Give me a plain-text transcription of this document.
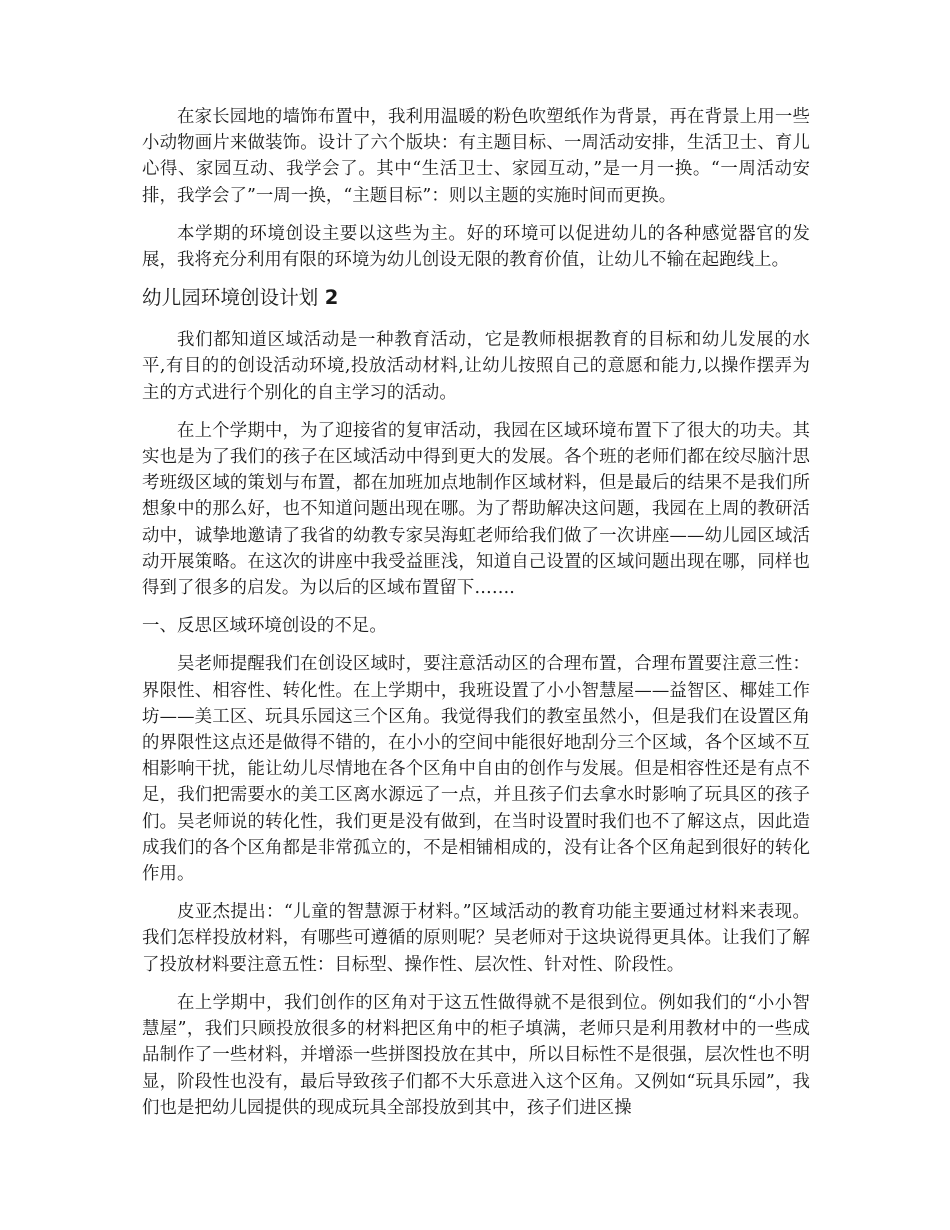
在家长园地的墙饰布置中，我利用温暖的粉色吹塑纸作为背景，再在背景上用一些小动物画片来做装饰。设计了六个版块：有主题目标、一周活动安排，生活卫士、育儿心得、家园互动、我学会了。其中“生活卫士、家园互动，”是一月一换。“一周活动安排，我学会了”一周一换，“主题目标”：则以主题的实施时间而更换。

本学期的环境创设主要以这些为主。好的环境可以促进幼儿的各种感觉器官的发展，我将充分利用有限的环境为幼儿创设无限的教育价值，让幼儿不输在起跑线上。

幼儿园环境创设计划 2

我们都知道区域活动是一种教育活动，它是教师根据教育的目标和幼儿发展的水平,有目的的创设活动环境,投放活动材料,让幼儿按照自己的意愿和能力,以操作摆弄为主的方式进行个别化的自主学习的活动。

在上个学期中，为了迎接省的复审活动，我园在区域环境布置下了很大的功夫。其实也是为了我们的孩子在区域活动中得到更大的发展。各个班的老师们都在绞尽脑汁思考班级区域的策划与布置，都在加班加点地制作区域材料，但是最后的结果不是我们所想象中的那么好，也不知道问题出现在哪。为了帮助解决这问题，我园在上周的教研活动中，诚挚地邀请了我省的幼教专家吴海虹老师给我们做了一次讲座——幼儿园区域活动开展策略。在这次的讲座中我受益匪浅，知道自己设置的区域问题出现在哪，同样也得到了很多的启发。为以后的区域布置留下…….

一、反思区域环境创设的不足。

吴老师提醒我们在创设区域时，要注意活动区的合理布置，合理布置要注意三性：界限性、相容性、转化性。在上学期中，我班设置了小小智慧屋——益智区、椰娃工作坊——美工区、玩具乐园这三个区角。我觉得我们的教室虽然小，但是我们在设置区角的界限性这点还是做得不错的，在小小的空间中能很好地刮分三个区域，各个区域不互相影响干扰，能让幼儿尽情地在各个区角中自由的创作与发展。但是相容性还是有点不足，我们把需要水的美工区离水源远了一点，并且孩子们去拿水时影响了玩具区的孩子们。吴老师说的转化性，我们更是没有做到，在当时设置时我们也不了解这点，因此造成我们的各个区角都是非常孤立的，不是相铺相成的，没有让各个区角起到很好的转化作用。

皮亚杰提出：“儿童的智慧源于材料。”区域活动的教育功能主要通过材料来表现。我们怎样投放材料，有哪些可遵循的原则呢？吴老师对于这块说得更具体。让我们了解了投放材料要注意五性：目标型、操作性、层次性、针对性、阶段性。

在上学期中，我们创作的区角对于这五性做得就不是很到位。例如我们的“小小智慧屋”，我们只顾投放很多的材料把区角中的柜子填满，老师只是利用教材中的一些成品制作了一些材料，并增添一些拼图投放在其中，所以目标性不是很强，层次性也不明显，阶段性也没有，最后导致孩子们都不大乐意进入这个区角。又例如“玩具乐园”，我们也是把幼儿园提供的现成玩具全部投放到其中，孩子们进区操
